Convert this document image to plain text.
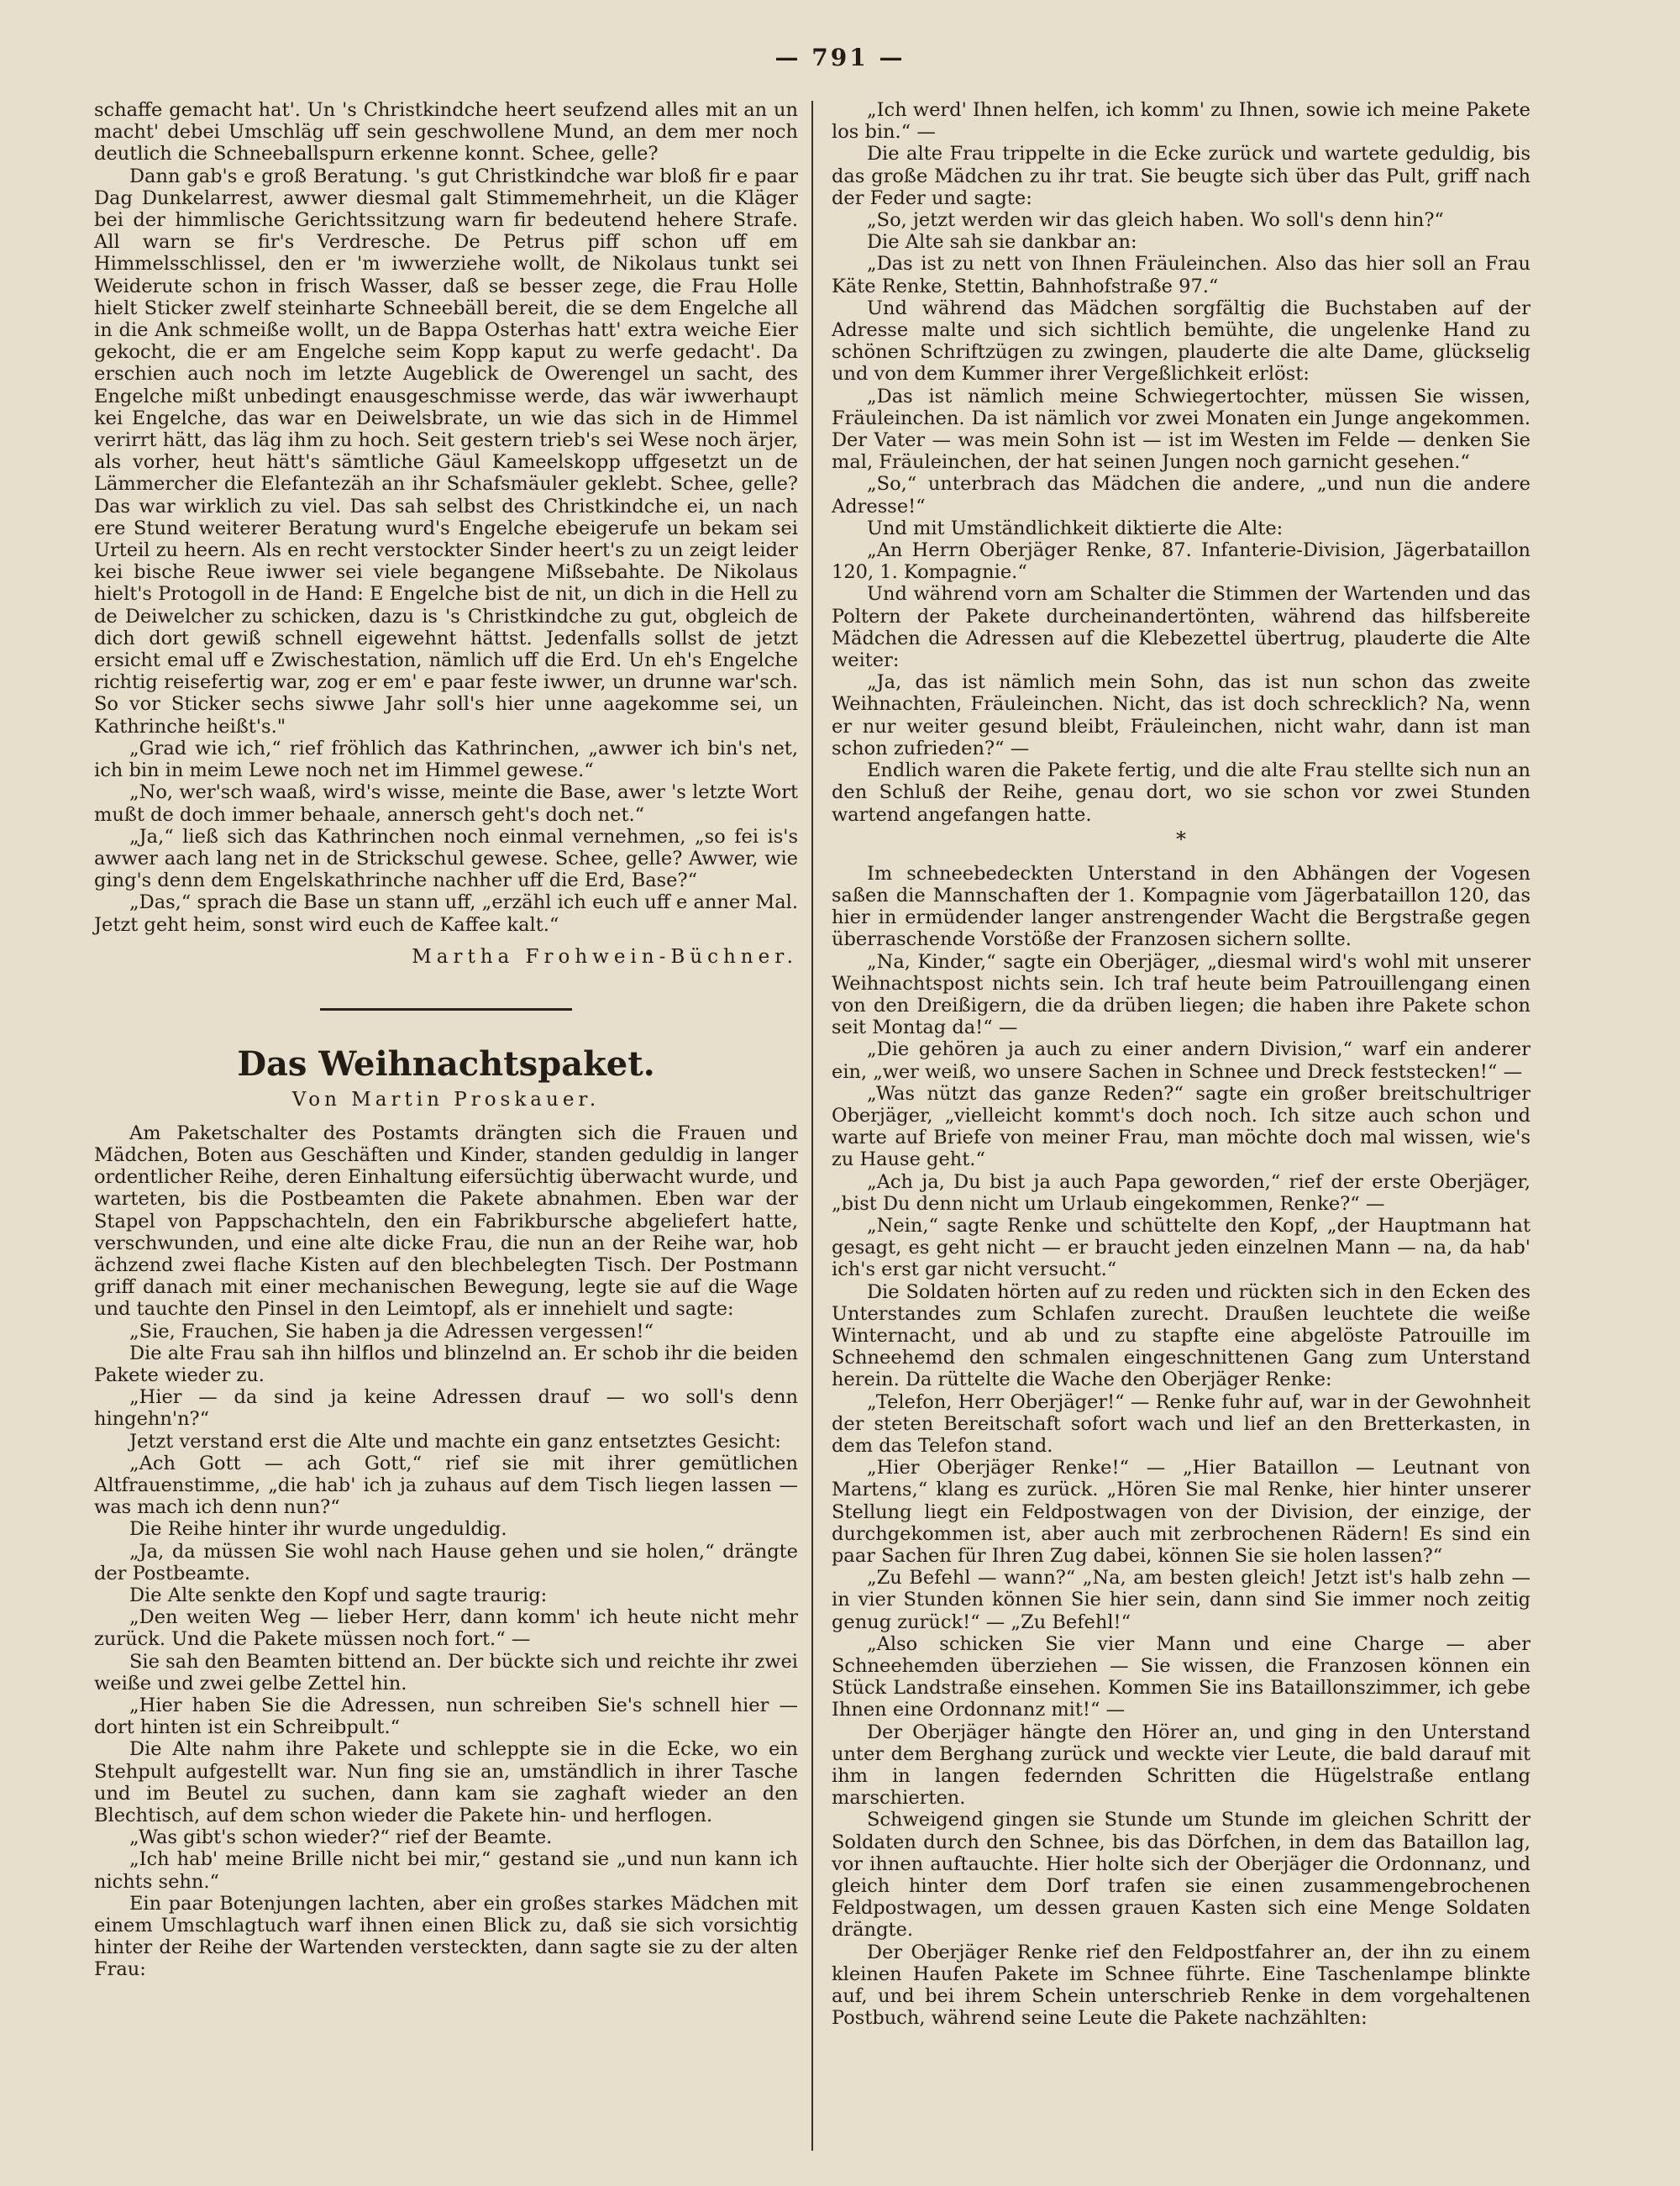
— 791 —

schaffe gemacht hat'. Un 's Christkindche heert seufzend alles mit an un macht' debei Umschläg uff sein geschwollene Mund, an dem mer noch deutlich die Schneeballspurn erkenne konnt. Schee, gelle?

Dann gab's e groß Beratung. 's gut Christkindche war bloß fir e paar Dag Dunkelarrest, awwer diesmal galt Stimmemehrheit, un die Kläger bei der himmlische Gerichtssitzung warn fir bedeutend hehere Strafe. All warn se fir's Verdresche. De Petrus piff schon uff em Himmelsschlissel, den er 'm iwwerziehe wollt, de Nikolaus tunkt sei Weiderute schon in frisch Wasser, daß se besser zege, die Frau Holle hielt Sticker zwelf steinharte Schneebäll bereit, die se dem Engelche all in die Ank schmeiße wollt, un de Bappa Osterhas hatt' extra weiche Eier gekocht, die er am Engelche seim Kopp kaput zu werfe gedacht'. Da erschien auch noch im letzte Augeblick de Owerengel un sacht, des Engelche mißt unbedingt enausgeschmisse werde, das wär iwwerhaupt kei Engelche, das war en Deiwelsbrate, un wie das sich in de Himmel verirrt hätt, das läg ihm zu hoch. Seit gestern trieb's sei Wese noch ärjer, als vorher, heut hätt's sämtliche Gäul Kameelskopp uffgesetzt un de Lämmercher die Elefantezäh an ihr Schafsmäuler geklebt. Schee, gelle? Das war wirklich zu viel. Das sah selbst des Christkindche ei, un nach ere Stund weiterer Beratung wurd's Engelche ebeigerufe un bekam sei Urteil zu heern. Als en recht verstockter Sinder heert's zu un zeigt leider kei bische Reue iwwer sei viele begangene Mißsebahte. De Nikolaus hielt's Protogoll in de Hand: E Engelche bist de nit, un dich in die Hell zu de Deiwelcher zu schicken, dazu is 's Christkindche zu gut, obgleich de dich dort gewiß schnell eigewehnt hättst. Jedenfalls sollst de jetzt ersicht emal uff e Zwischestation, nämlich uff die Erd. Un eh's Engelche richtig reisefertig war, zog er em' e paar feste iwwer, un drunne war'sch. So vor Sticker sechs siwwe Jahr soll's hier unne aagekomme sei, un Kathrinche heißt's."

„Grad wie ich,“ rief fröhlich das Kathrinchen, „awwer ich bin's net, ich bin in meim Lewe noch net im Himmel gewese.“

„No, wer'sch waaß, wird's wisse, meinte die Base, awer 's letzte Wort mußt de doch immer behaale, annersch geht's doch net.“

„Ja,“ ließ sich das Kathrinchen noch einmal vernehmen, „so fei is's awwer aach lang net in de Strickschul gewese. Schee, gelle? Awwer, wie ging's denn dem Engelskathrinche nachher uff die Erd, Base?“

„Das,“ sprach die Base un stann uff, „erzähl ich euch uff e anner Mal. Jetzt geht heim, sonst wird euch de Kaffee kalt.“

Martha Frohwein-Büchner.

Das Weihnachtspaket.

Von Martin Proskauer.

Am Paketschalter des Postamts drängten sich die Frauen und Mädchen, Boten aus Geschäften und Kinder, standen geduldig in langer ordentlicher Reihe, deren Einhaltung eifersüchtig überwacht wurde, und warteten, bis die Postbeamten die Pakete abnahmen. Eben war der Stapel von Pappschachteln, den ein Fabrikbursche abgeliefert hatte, verschwunden, und eine alte dicke Frau, die nun an der Reihe war, hob ächzend zwei flache Kisten auf den blechbelegten Tisch. Der Postmann griff danach mit einer mechanischen Bewegung, legte sie auf die Wage und tauchte den Pinsel in den Leimtopf, als er innehielt und sagte:

„Sie, Frauchen, Sie haben ja die Adressen vergessen!“

Die alte Frau sah ihn hilflos und blinzelnd an. Er schob ihr die beiden Pakete wieder zu.

„Hier — da sind ja keine Adressen drauf — wo soll's denn hingehn'n?“

Jetzt verstand erst die Alte und machte ein ganz entsetztes Gesicht:

„Ach Gott — ach Gott,“ rief sie mit ihrer gemütlichen Altfrauenstimme, „die hab' ich ja zuhaus auf dem Tisch liegen lassen — was mach ich denn nun?“

Die Reihe hinter ihr wurde ungeduldig.

„Ja, da müssen Sie wohl nach Hause gehen und sie holen,“ drängte der Postbeamte.

Die Alte senkte den Kopf und sagte traurig:

„Den weiten Weg — lieber Herr, dann komm' ich heute nicht mehr zurück. Und die Pakete müssen noch fort.“ —

Sie sah den Beamten bittend an. Der bückte sich und reichte ihr zwei weiße und zwei gelbe Zettel hin.

„Hier haben Sie die Adressen, nun schreiben Sie's schnell hier — dort hinten ist ein Schreibpult.“

Die Alte nahm ihre Pakete und schleppte sie in die Ecke, wo ein Stehpult aufgestellt war. Nun fing sie an, umständlich in ihrer Tasche und im Beutel zu suchen, dann kam sie zaghaft wieder an den Blechtisch, auf dem schon wieder die Pakete hin- und herflogen.

„Was gibt's schon wieder?“ rief der Beamte.

„Ich hab' meine Brille nicht bei mir,“ gestand sie „und nun kann ich nichts sehn.“

Ein paar Botenjungen lachten, aber ein großes starkes Mädchen mit einem Umschlagtuch warf ihnen einen Blick zu, daß sie sich vorsichtig hinter der Reihe der Wartenden versteckten, dann sagte sie zu der alten Frau:

„Ich werd' Ihnen helfen, ich komm' zu Ihnen, sowie ich meine Pakete los bin.“ —

Die alte Frau trippelte in die Ecke zurück und wartete geduldig, bis das große Mädchen zu ihr trat. Sie beugte sich über das Pult, griff nach der Feder und sagte:

„So, jetzt werden wir das gleich haben. Wo soll's denn hin?“

Die Alte sah sie dankbar an:

„Das ist zu nett von Ihnen Fräuleinchen. Also das hier soll an Frau Käte Renke, Stettin, Bahnhofstraße 97.“

Und während das Mädchen sorgfältig die Buchstaben auf der Adresse malte und sich sichtlich bemühte, die ungelenke Hand zu schönen Schriftzügen zu zwingen, plauderte die alte Dame, glückselig und von dem Kummer ihrer Vergeßlichkeit erlöst:

„Das ist nämlich meine Schwiegertochter, müssen Sie wissen, Fräuleinchen. Da ist nämlich vor zwei Monaten ein Junge angekommen. Der Vater — was mein Sohn ist — ist im Westen im Felde — denken Sie mal, Fräuleinchen, der hat seinen Jungen noch garnicht gesehen.“

„So,“ unterbrach das Mädchen die andere, „und nun die andere Adresse!“

Und mit Umständlichkeit diktierte die Alte:

„An Herrn Oberjäger Renke, 87. Infanterie-Division, Jägerbataillon 120, 1. Kompagnie.“

Und während vorn am Schalter die Stimmen der Wartenden und das Poltern der Pakete durcheinandertönten, während das hilfsbereite Mädchen die Adressen auf die Klebezettel übertrug, plauderte die Alte weiter:

„Ja, das ist nämlich mein Sohn, das ist nun schon das zweite Weihnachten, Fräuleinchen. Nicht, das ist doch schrecklich? Na, wenn er nur weiter gesund bleibt, Fräuleinchen, nicht wahr, dann ist man schon zufrieden?“ —

Endlich waren die Pakete fertig, und die alte Frau stellte sich nun an den Schluß der Reihe, genau dort, wo sie schon vor zwei Stunden wartend angefangen hatte.

*

Im schneebedeckten Unterstand in den Abhängen der Vogesen saßen die Mannschaften der 1. Kompagnie vom Jägerbataillon 120, das hier in ermüdender langer anstrengender Wacht die Bergstraße gegen überraschende Vorstöße der Franzosen sichern sollte.

„Na, Kinder,“ sagte ein Oberjäger, „diesmal wird's wohl mit unserer Weihnachtspost nichts sein. Ich traf heute beim Patrouillengang einen von den Dreißigern, die da drüben liegen; die haben ihre Pakete schon seit Montag da!“ —

„Die gehören ja auch zu einer andern Division,“ warf ein anderer ein, „wer weiß, wo unsere Sachen in Schnee und Dreck feststecken!“ —

„Was nützt das ganze Reden?“ sagte ein großer breitschultriger Oberjäger, „vielleicht kommt's doch noch. Ich sitze auch schon und warte auf Briefe von meiner Frau, man möchte doch mal wissen, wie's zu Hause geht.“

„Ach ja, Du bist ja auch Papa geworden,“ rief der erste Oberjäger, „bist Du denn nicht um Urlaub eingekommen, Renke?“ —

„Nein,“ sagte Renke und schüttelte den Kopf, „der Hauptmann hat gesagt, es geht nicht — er braucht jeden einzelnen Mann — na, da hab' ich's erst gar nicht versucht.“

Die Soldaten hörten auf zu reden und rückten sich in den Ecken des Unterstandes zum Schlafen zurecht. Draußen leuchtete die weiße Winternacht, und ab und zu stapfte eine abgelöste Patrouille im Schneehemd den schmalen eingeschnittenen Gang zum Unterstand herein. Da rüttelte die Wache den Oberjäger Renke:

„Telefon, Herr Oberjäger!“ — Renke fuhr auf, war in der Gewohnheit der steten Bereitschaft sofort wach und lief an den Bretterkasten, in dem das Telefon stand.

„Hier Oberjäger Renke!“ — „Hier Bataillon — Leutnant von Martens,“ klang es zurück. „Hören Sie mal Renke, hier hinter unserer Stellung liegt ein Feldpostwagen von der Division, der einzige, der durchgekommen ist, aber auch mit zerbrochenen Rädern! Es sind ein paar Sachen für Ihren Zug dabei, können Sie sie holen lassen?“

„Zu Befehl — wann?“ „Na, am besten gleich! Jetzt ist's halb zehn — in vier Stunden können Sie hier sein, dann sind Sie immer noch zeitig genug zurück!“ — „Zu Befehl!“

„Also schicken Sie vier Mann und eine Charge — aber Schneehemden überziehen — Sie wissen, die Franzosen können ein Stück Landstraße einsehen. Kommen Sie ins Bataillonszimmer, ich gebe Ihnen eine Ordonnanz mit!“ —

Der Oberjäger hängte den Hörer an, und ging in den Unterstand unter dem Berghang zurück und weckte vier Leute, die bald darauf mit ihm in langen federnden Schritten die Hügelstraße entlang marschierten.

Schweigend gingen sie Stunde um Stunde im gleichen Schritt der Soldaten durch den Schnee, bis das Dörfchen, in dem das Bataillon lag, vor ihnen auftauchte. Hier holte sich der Oberjäger die Ordonnanz, und gleich hinter dem Dorf trafen sie einen zusammengebrochenen Feldpostwagen, um dessen grauen Kasten sich eine Menge Soldaten drängte.

Der Oberjäger Renke rief den Feldpostfahrer an, der ihn zu einem kleinen Haufen Pakete im Schnee führte. Eine Taschenlampe blinkte auf, und bei ihrem Schein unterschrieb Renke in dem vorgehaltenen Postbuch, während seine Leute die Pakete nachzählten:
